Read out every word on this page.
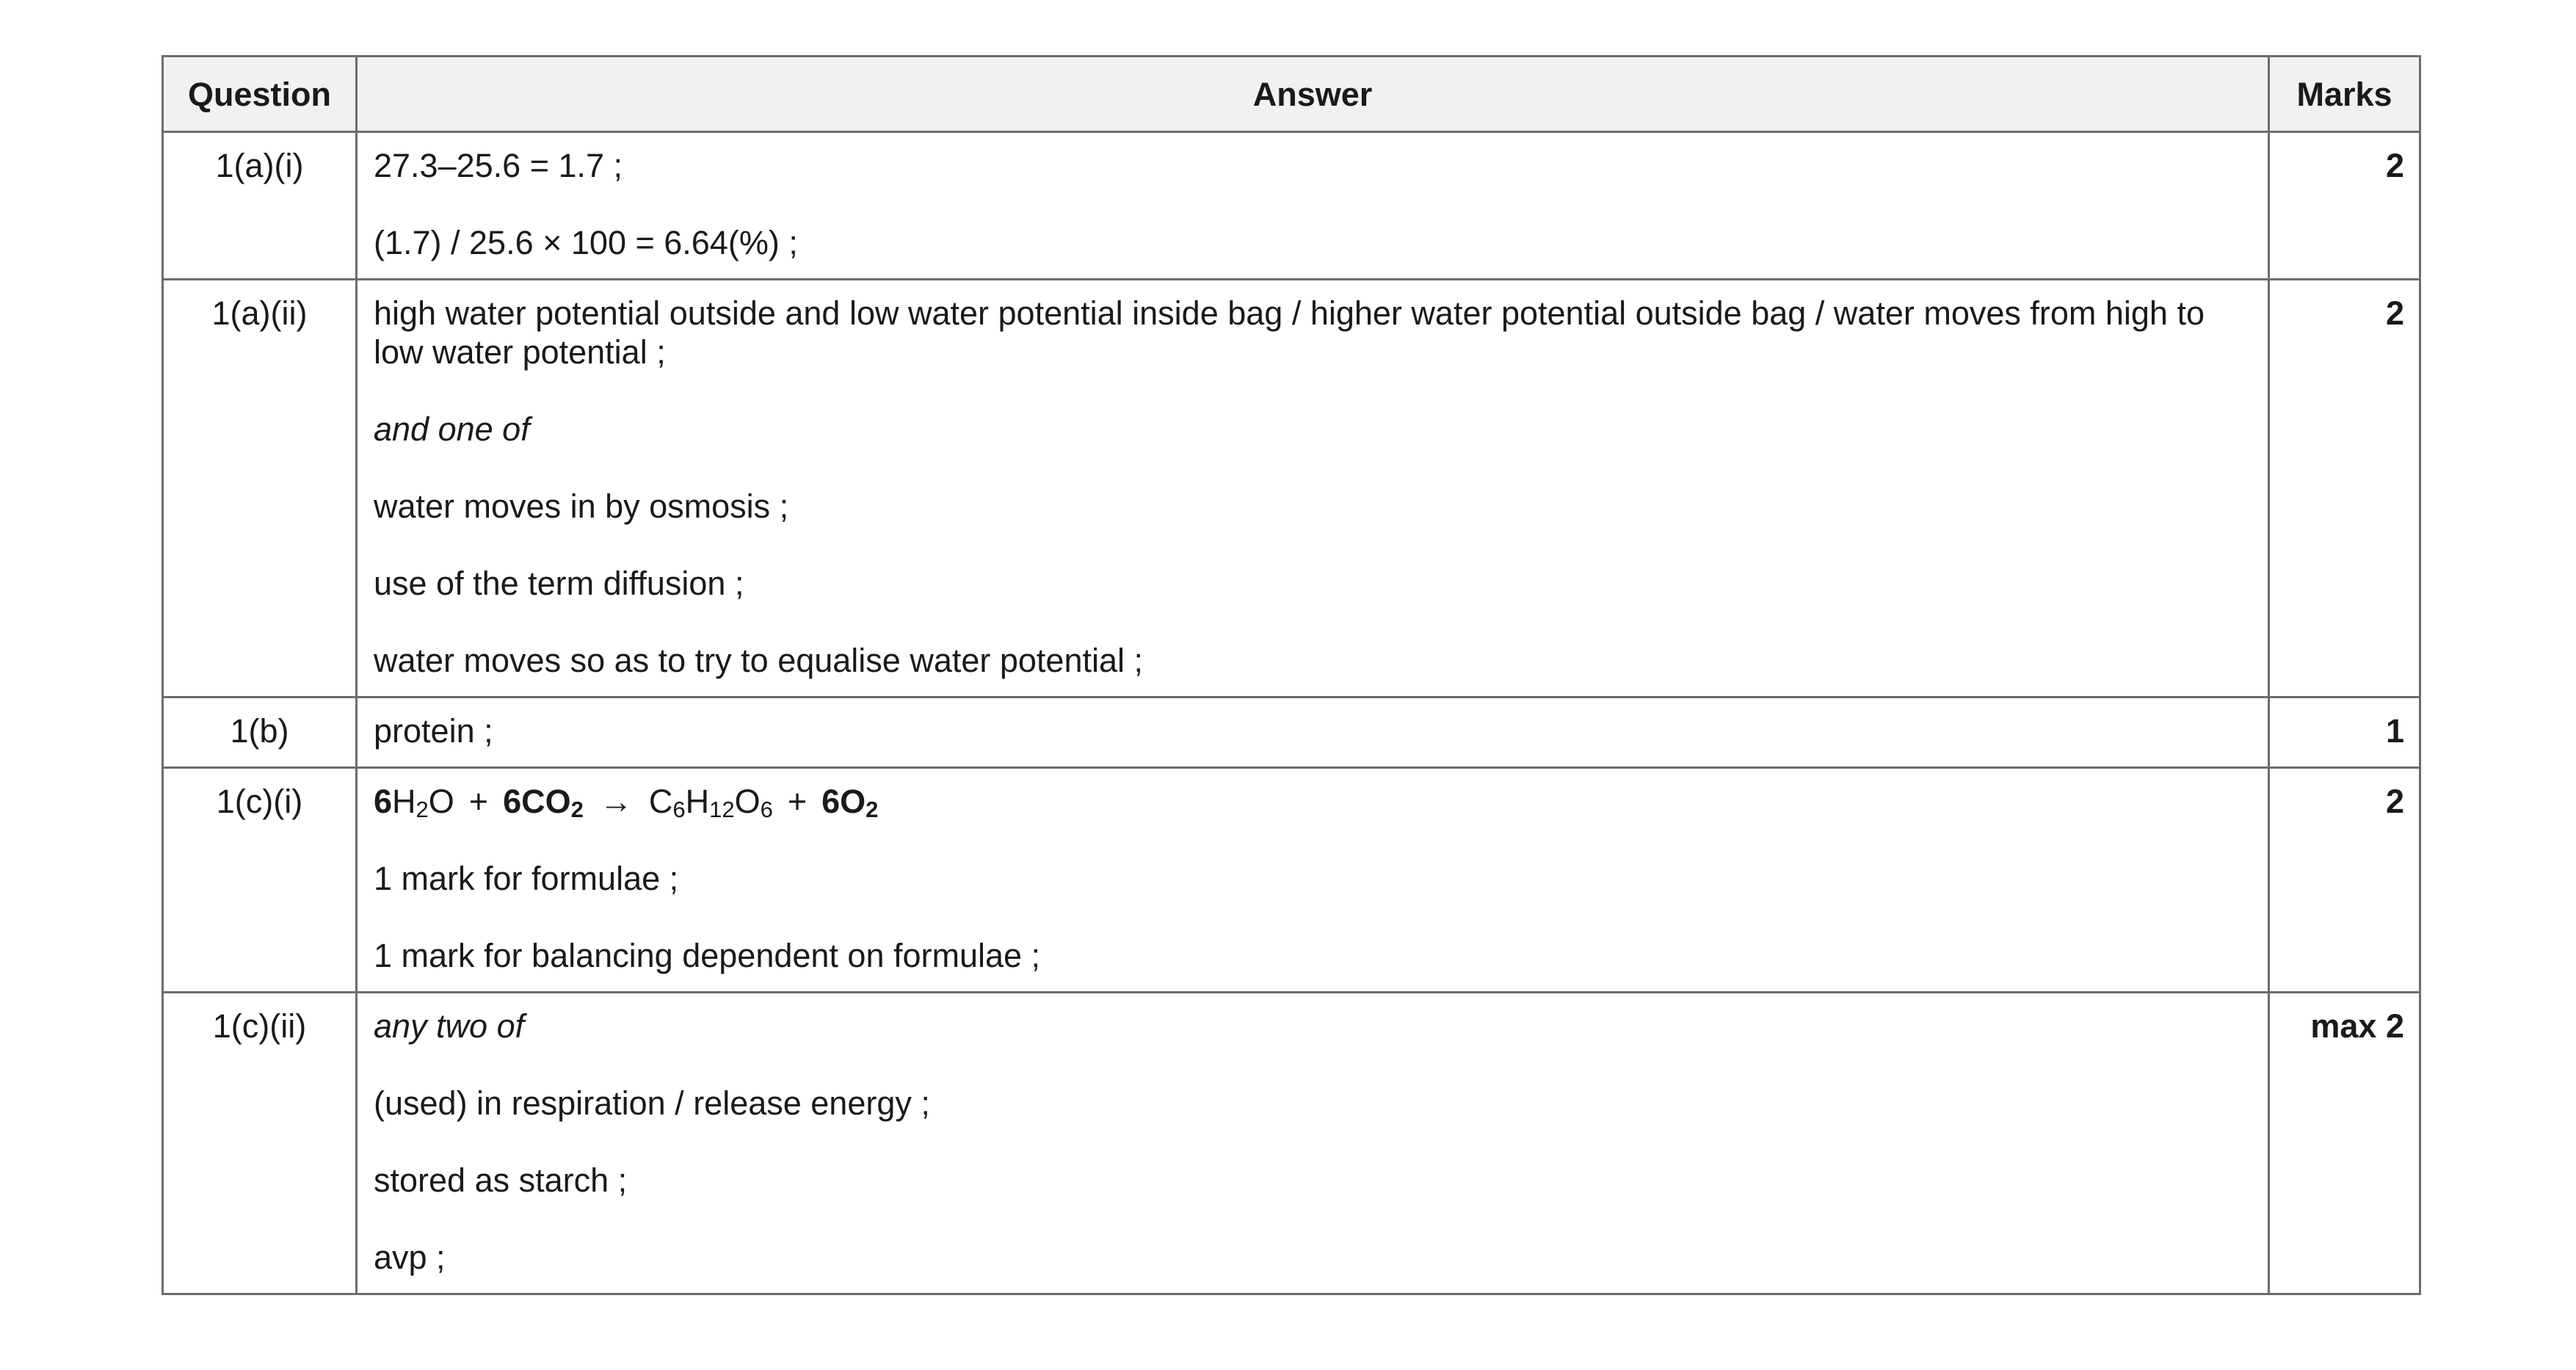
Question	Answer	Marks
1(a)(i)	27.3–25.6 = 1.7 ;
(1.7) / 25.6 × 100 = 6.64(%) ;	2
1(a)(ii)	high water potential outside and low water potential inside bag / higher water potential outside bag / water moves from high to low water potential ;
and one of
water moves in by osmosis ;
use of the term diffusion ;
water moves so as to try to equalise water potential ;	2
1(b)	protein ;	1
1(c)(i)	$6H_2O + 6CO_2 \to C_6H_{12}O_6 + 6O_2$
1 mark for formulae ;
1 mark for balancing dependent on formulae ;	2
1(c)(ii)	any two of
(used) in respiration / release energy ;
stored as starch ;
avp ;	max 2
